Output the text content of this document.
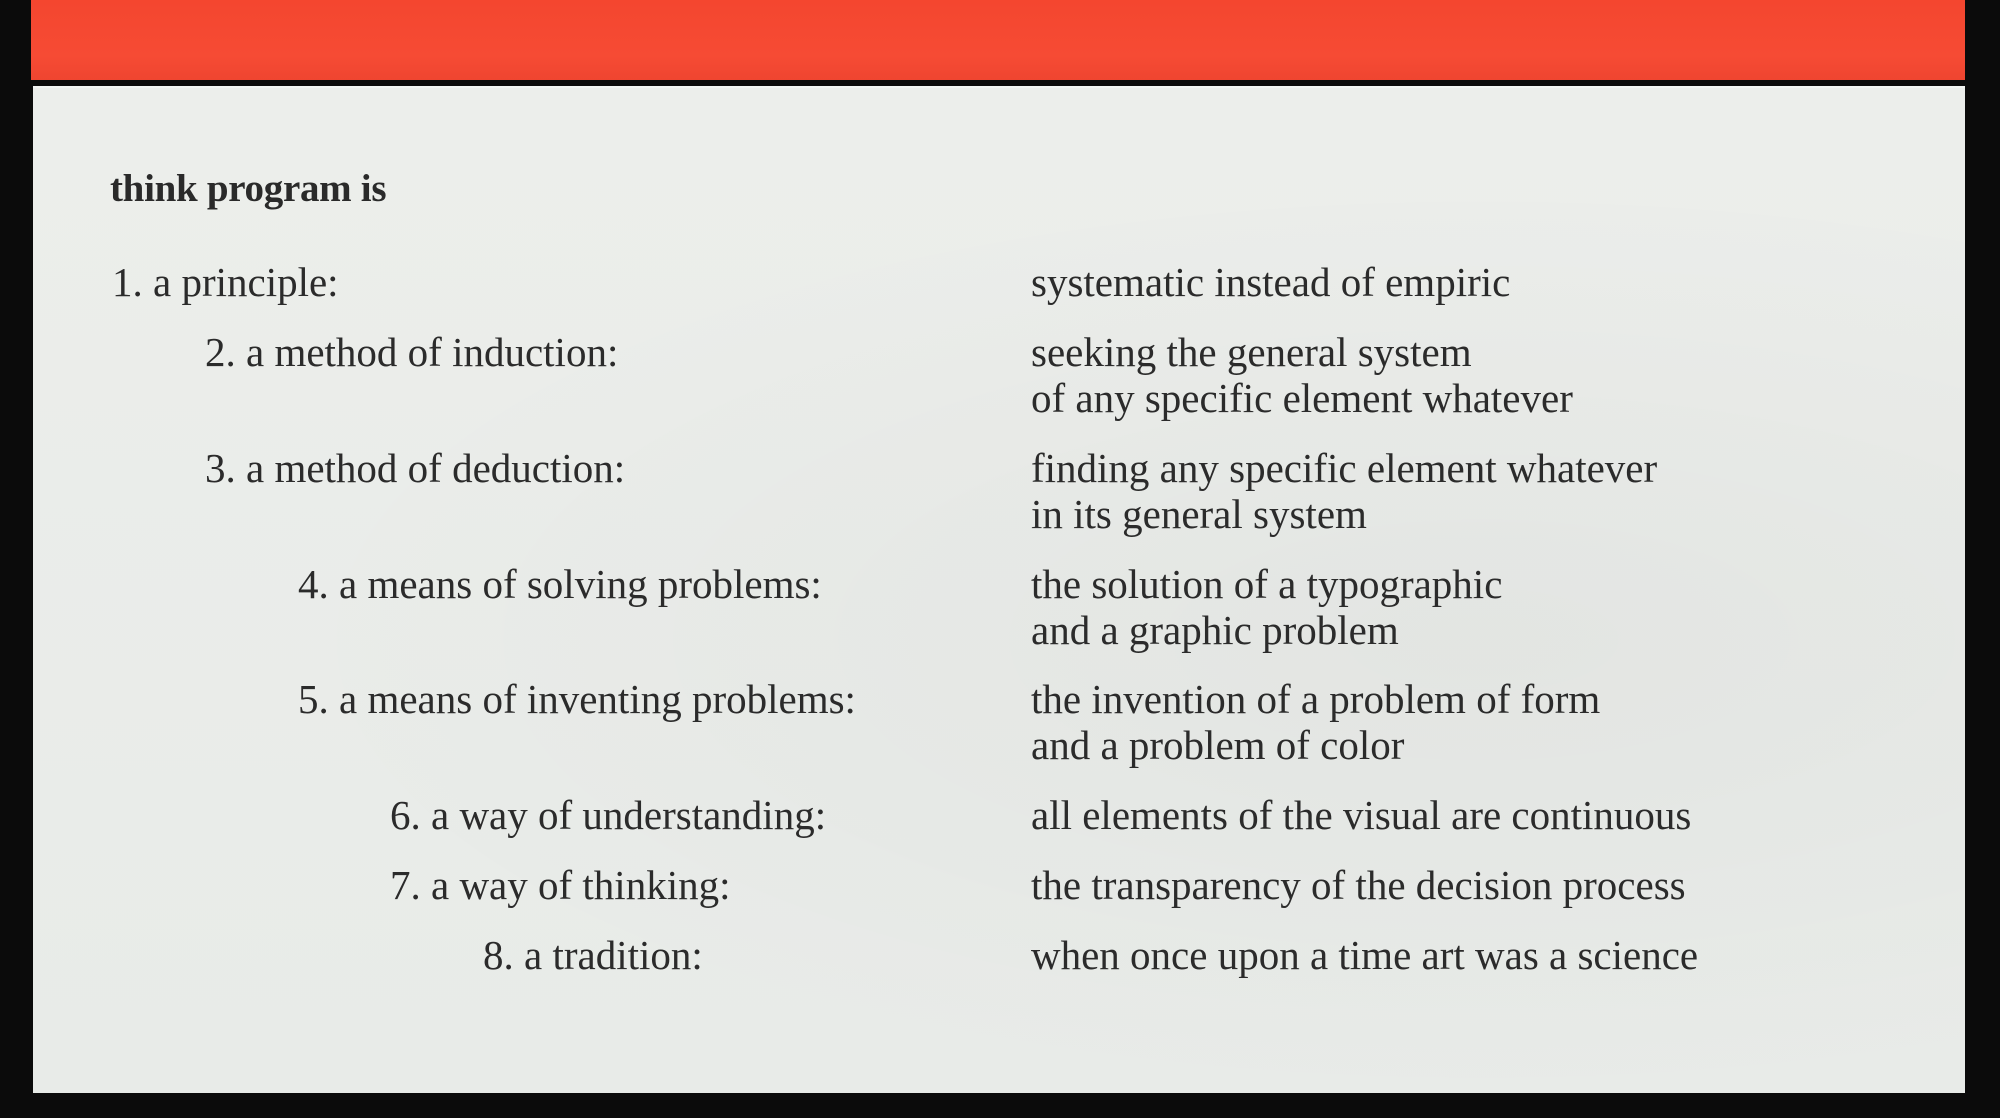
think program is
1. a principle:	systematic instead of empiric
2. a method of induction:	seeking the general system
of any specific element whatever
3. a method of deduction:	finding any specific element whatever
in its general system
4. a means of solving problems:	the solution of a typographic
and a graphic problem
5. a means of inventing problems:	the invention of a problem of form
and a problem of color
6. a way of understanding:	all elements of the visual are continuous
7. a way of thinking:	the transparency of the decision process
8. a tradition:	when once upon a time art was a science
